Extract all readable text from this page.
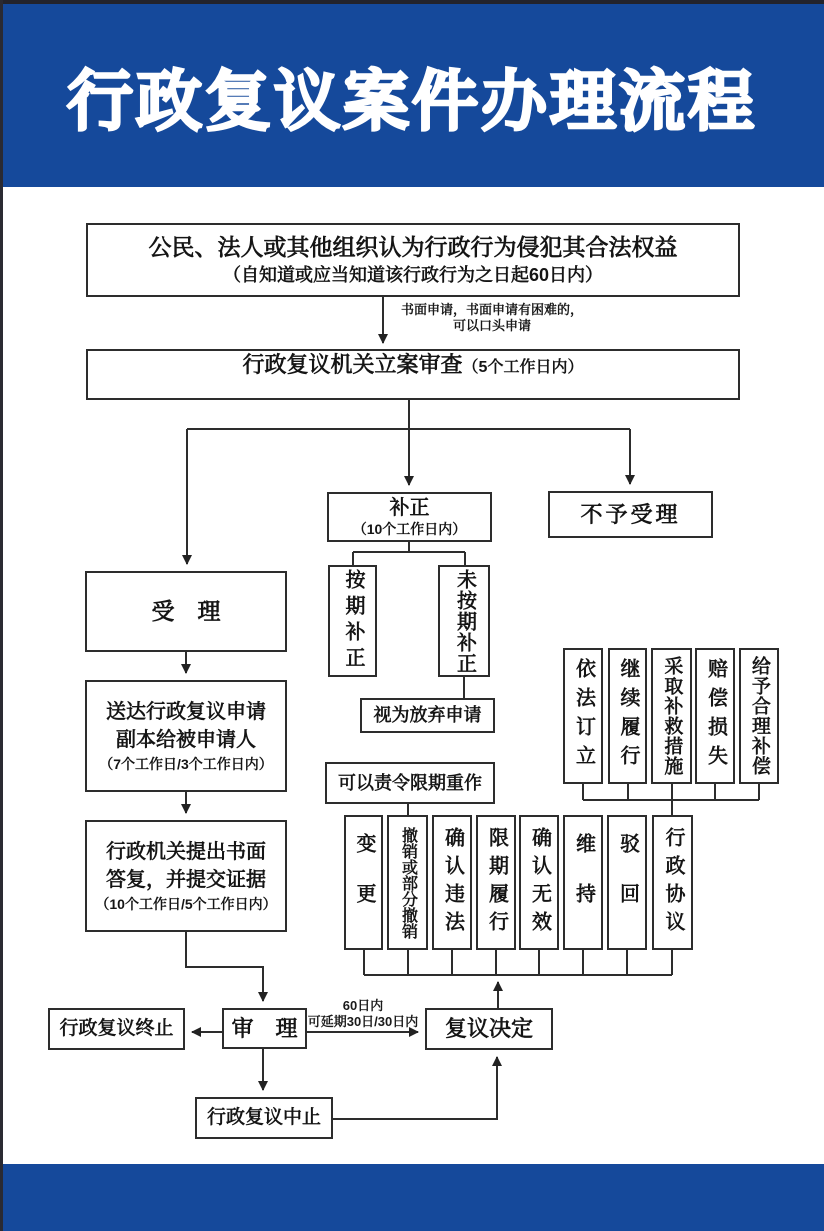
行政复议案件办理流程
公民、法人或其他组织认为行政行为侵犯其合法权益
（自知道或应当知道该行政行为之日起60日内）
书面申请，书面申请有困难的，
可以口头申请
行政复议机关立案审查 （5个工作日内）
补正
（10个工作日内）
不予受理
受　理	按期补正	未按期补正
视为放弃申请
送达行政复议申请
副本给被申请人
（7个工作日/3个工作日内）
行政机关提出书面
答复，并提交证据
（10个工作日/5个工作日内）
可以责令限期重作
变更	撤销或部分撤销	确认违法	限期履行	确认无效	维持	驳回	行政协议
依法订立	继续履行	采取补救措施	赔偿损失	给予合理补偿
行政复议终止	审　理	复议决定
行政复议中止
60日内
可延期30日/30日内
